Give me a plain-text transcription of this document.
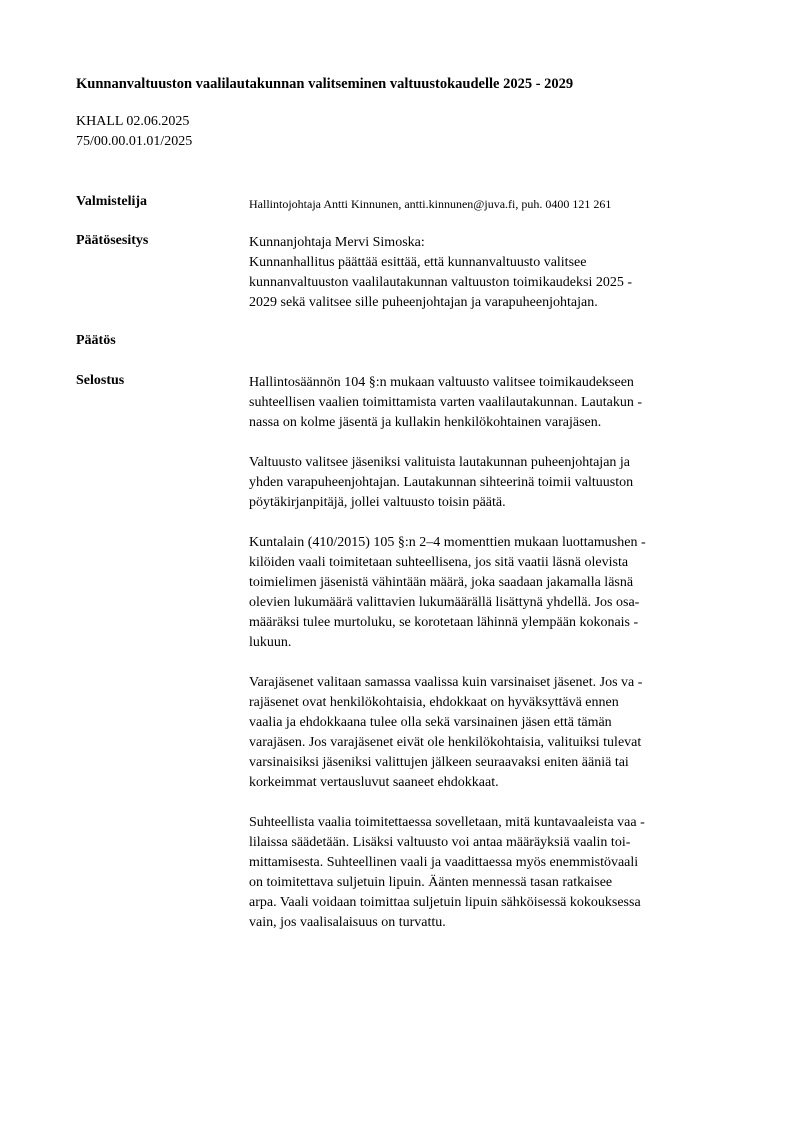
Kunnanvaltuuston vaalilautakunnan valitseminen valtuustokaudelle 2025 - 2029
KHALL 02.06.2025
75/00.00.01.01/2025
Valmistelija	Hallintojohtaja Antti Kinnunen, antti.kinnunen@juva.fi, puh. 0400 121 261
Päätösesitys	Kunnanjohtaja Mervi Simoska:
Kunnanhallitus päättää esittää, että kunnanvaltuusto valitsee
kunnanvaltuuston vaalilautakunnan valtuuston toimikaudeksi 2025 -
2029 sekä valitsee sille puheenjohtajan ja varapuheenjohtajan.
Päätös
Selostus	Hallintosäännön 104 §:n mukaan valtuusto valitsee toimikaudekseen
suhteellisen vaalien toimittamista varten vaalilautakunnan. Lautakun -
nassa on kolme jäsentä ja kullakin henkilökohtainen varajäsen.
Valtuusto valitsee jäseniksi valituista lautakunnan puheenjohtajan ja
yhden varapuheenjohtajan. Lautakunnan sihteerinä toimii valtuuston
pöytäkirjanpitäjä, jollei valtuusto toisin päätä.
Kuntalain (410/2015) 105 §:n 2–4 momenttien mukaan luottamushen -
kilöiden vaali toimitetaan suhteellisena, jos sitä vaatii läsnä olevista
toimielimen jäsenistä vähintään määrä, joka saadaan jakamalla läsnä
olevien lukumäärä valittavien lukumäärällä lisättynä yhdellä. Jos osa-
määräksi tulee murtoluku, se korotetaan lähinnä ylempään kokonais -
lukuun.
Varajäsenet valitaan samassa vaalissa kuin varsinaiset jäsenet. Jos va -
rajäsenet ovat henkilökohtaisia, ehdokkaat on hyväksyttävä ennen
vaalia ja ehdokkaana tulee olla sekä varsinainen jäsen että tämän
varajäsen. Jos varajäsenet eivät ole henkilökohtaisia, valituiksi tulevat
varsinaisiksi jäseniksi valittujen jälkeen seuraavaksi eniten ääniä tai
korkeimmat vertausluvut saaneet ehdokkaat.
Suhteellista vaalia toimitettaessa sovelletaan, mitä kuntavaaleista vaa -
lilaissa säädetään. Lisäksi valtuusto voi antaa määräyksiä vaalin toi-
mittamisesta. Suhteellinen vaali ja vaadittaessa myös enemmistövaali
on toimitettava suljetuin lipuin. Äänten mennessä tasan ratkaisee
arpa. Vaali voidaan toimittaa suljetuin lipuin sähköisessä kokouksessa
vain, jos vaalisalaisuus on turvattu.
